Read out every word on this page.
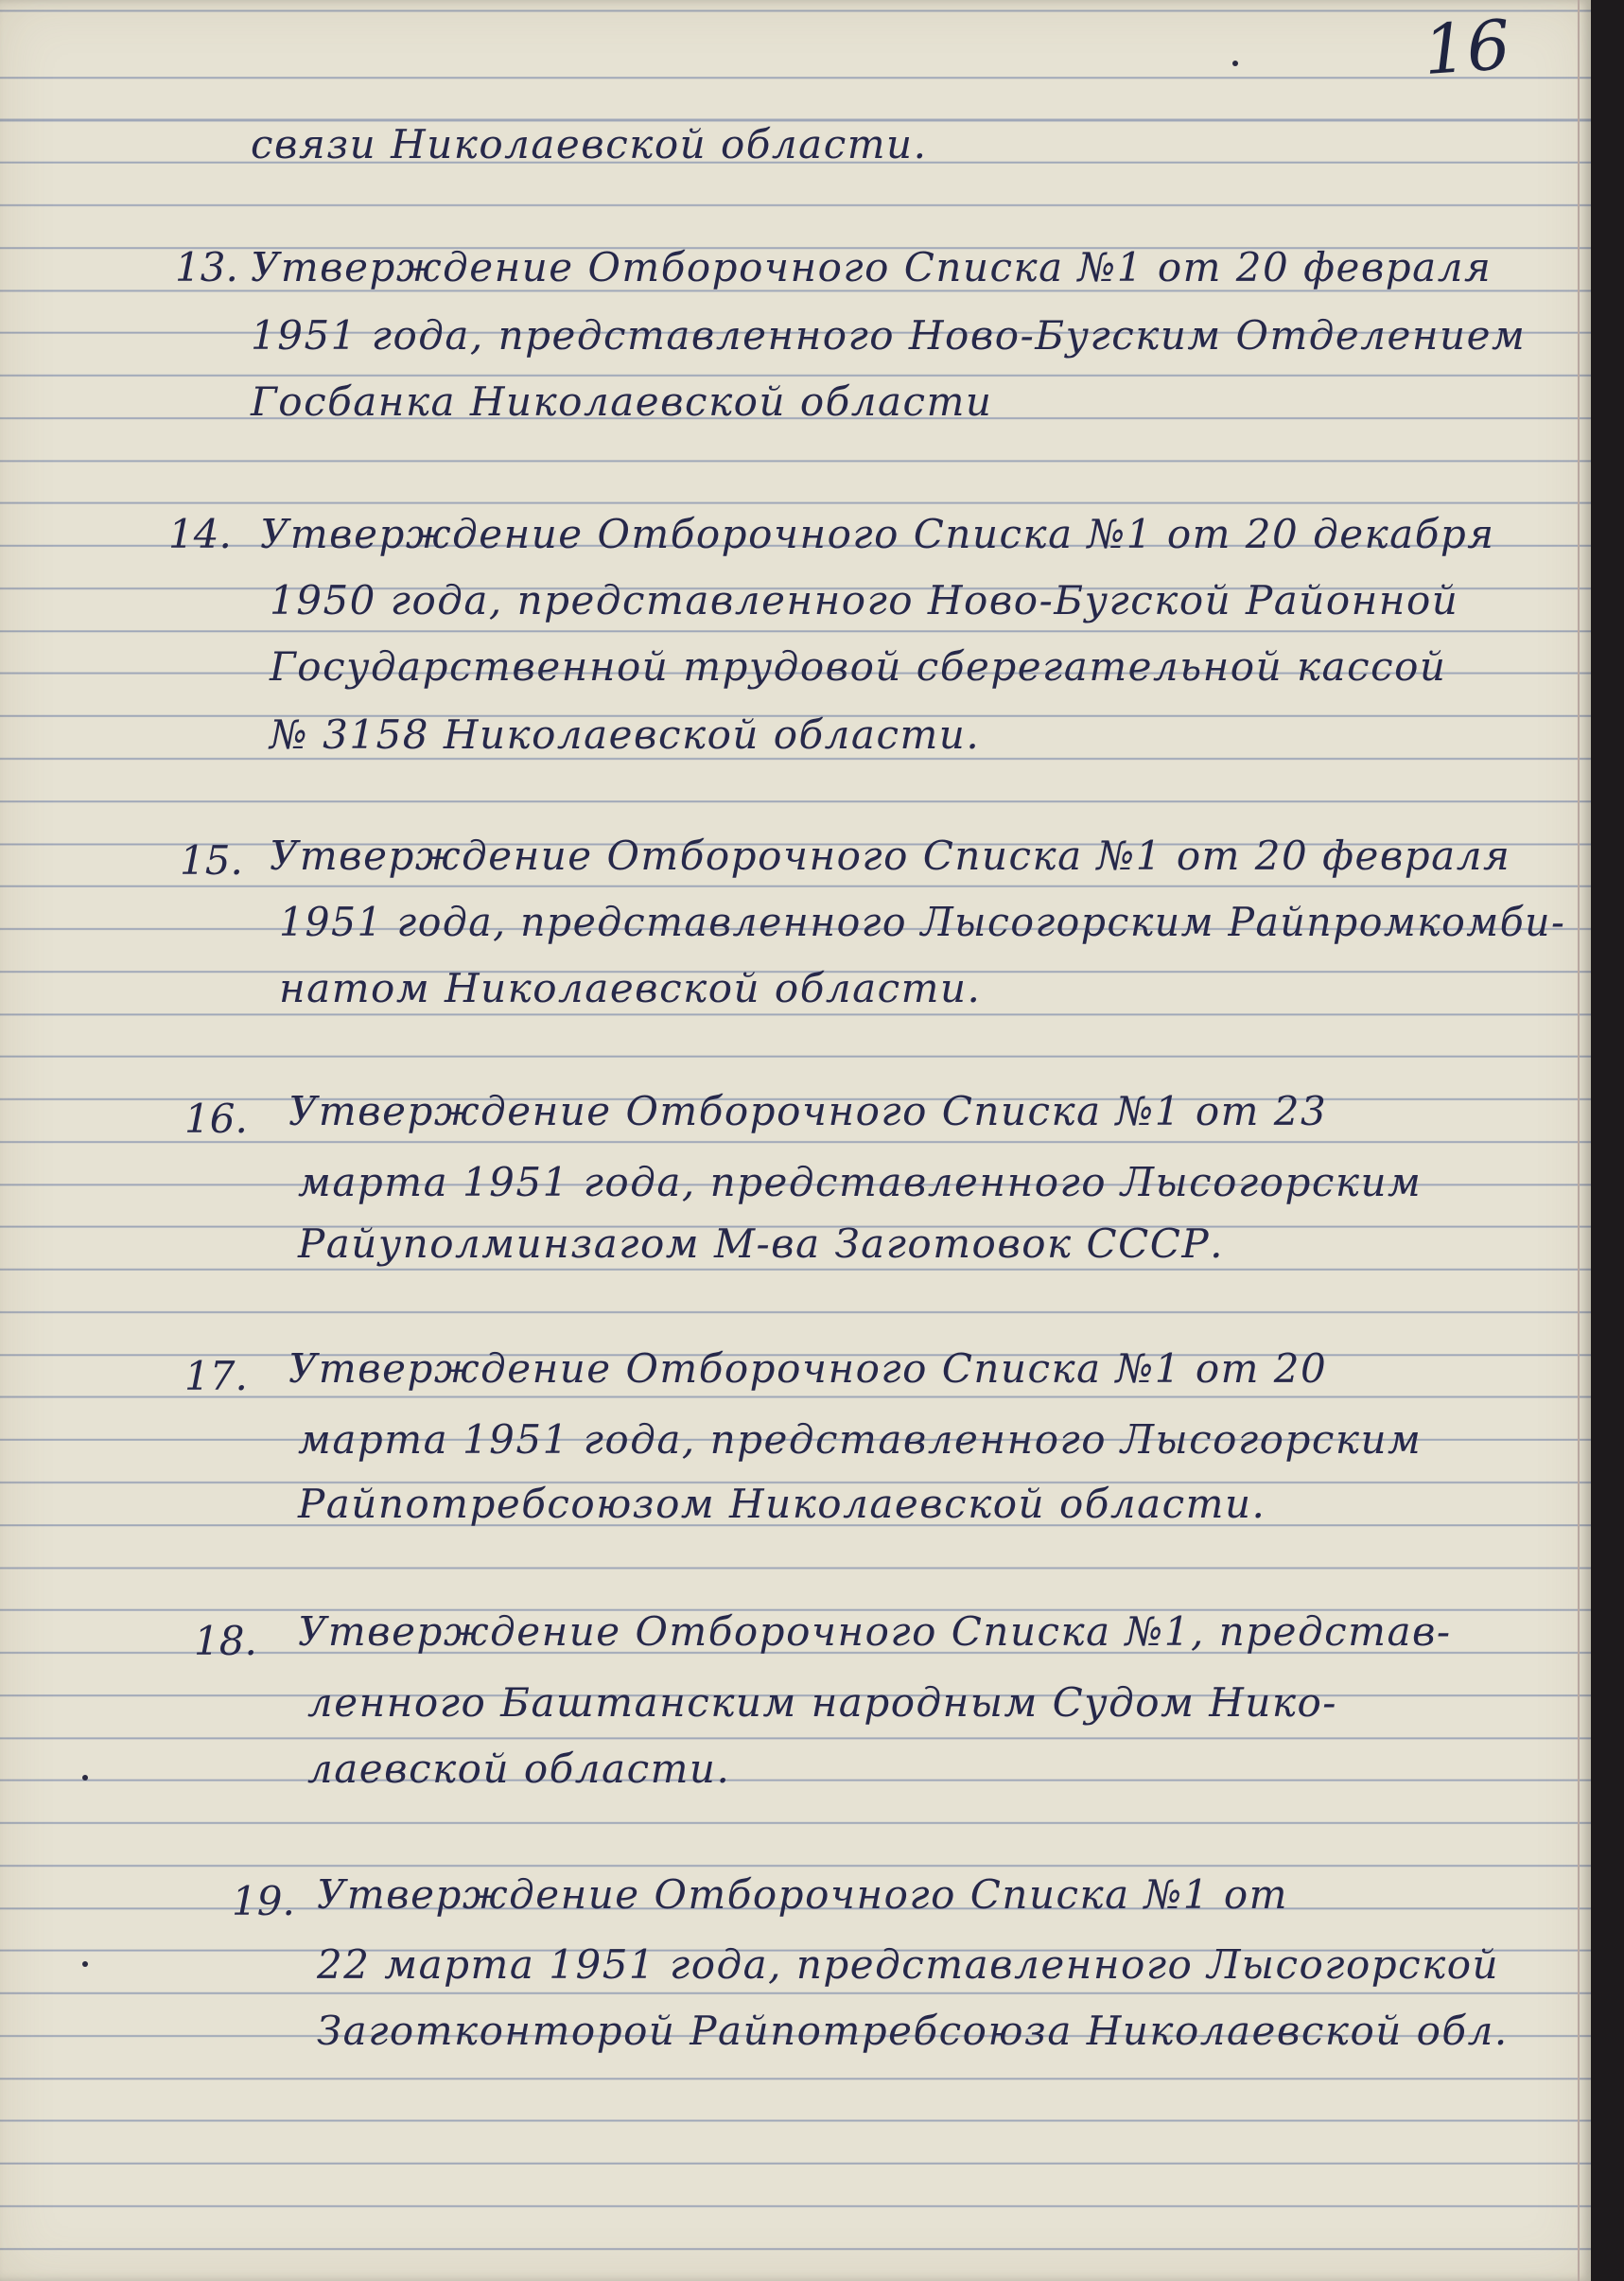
16
связи Николаевской области.
13. Утверждение Отборочного Списка №1 от 20 февраля
1951 года, представленного Ново-Бугским Отделением
Госбанка Николаевской области
14. Утверждение Отборочного Списка №1 от 20 декабря
1950 года, представленного Ново-Бугской Районной
Государственной трудовой сберегательной кассой
№ 3158 Николаевской области.
15. Утверждение Отборочного Списка №1 от 20 февраля
1951 года, представленного Лысогорским Райпромкомби-
натом Николаевской области.
16. Утверждение Отборочного Списка №1 от 23
марта 1951 года, представленного Лысогорским
Райуполминзагом М-ва Заготовок СССР.
17. Утверждение Отборочного Списка №1 от 20
марта 1951 года, представленного Лысогорским
Райпотребсоюзом Николаевской области.
18. Утверждение Отборочного Списка №1, представ-
ленного Баштанским народным Судом Нико-
лаевской области.
19. Утверждение Отборочного Списка №1 от
22 марта 1951 года, представленного Лысогорской
Заготконторой Райпотребсоюза Николаевской обл.
